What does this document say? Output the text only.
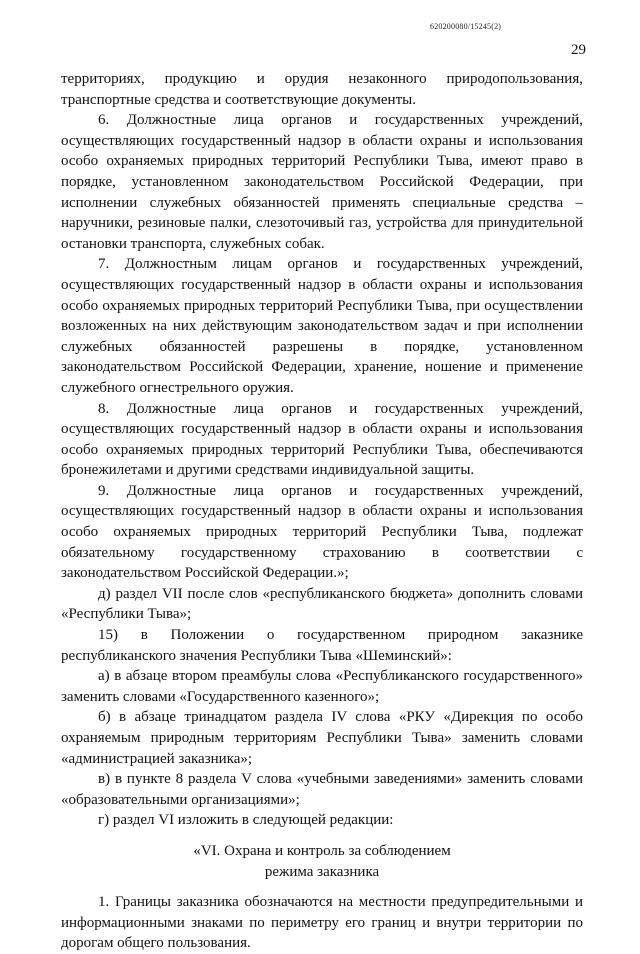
620200080/15245(2)
29

территориях, продукцию и орудия незаконного природопользования, транспортные средства и соответствующие документы.

6. Должностные лица органов и государственных учреждений, осуществляющих государственный надзор в области охраны и использования особо охраняемых природных территорий Республики Тыва, имеют право в порядке, установленном законодательством Российской Федерации, при исполнении служебных обязанностей применять специальные средства – наручники, резиновые палки, слезоточивый газ, устройства для принудительной остановки транспорта, служебных собак.

7. Должностным лицам органов и государственных учреждений, осуществляющих государственный надзор в области охраны и использования особо охраняемых природных территорий Республики Тыва, при осуществлении возложенных на них действующим законодательством задач и при исполнении служебных обязанностей разрешены в порядке, установленном законодательством Российской Федерации, хранение, ношение и применение служебного огнестрельного оружия.

8. Должностные лица органов и государственных учреждений, осуществляющих государственный надзор в области охраны и использования особо охраняемых природных территорий Республики Тыва, обеспечиваются бронежилетами и другими средствами индивидуальной защиты.

9. Должностные лица органов и государственных учреждений, осуществляющих государственный надзор в области охраны и использования особо охраняемых природных территорий Республики Тыва, подлежат обязательному государственному страхованию в соответствии с законодательством Российской Федерации.»;

д) раздел VII после слов «республиканского бюджета» дополнить словами «Республики Тыва»;

15) в Положении о государственном природном заказнике республиканского значения Республики Тыва «Шеминский»:

а) в абзаце втором преамбулы слова «Республиканского государственного» заменить словами «Государственного казенного»;

б) в абзаце тринадцатом раздела IV слова «РКУ «Дирекция по особо охраняемым природным территориям Республики Тыва» заменить словами «администрацией заказника»;

в) в пункте 8 раздела V слова «учебными заведениями» заменить словами «образовательными организациями»;

г) раздел VI изложить в следующей редакции:

«VI. Охрана и контроль за соблюдением
режима заказника

1. Границы заказника обозначаются на местности предупредительными и информационными знаками по периметру его границ и внутри территории по дорогам общего пользования.
